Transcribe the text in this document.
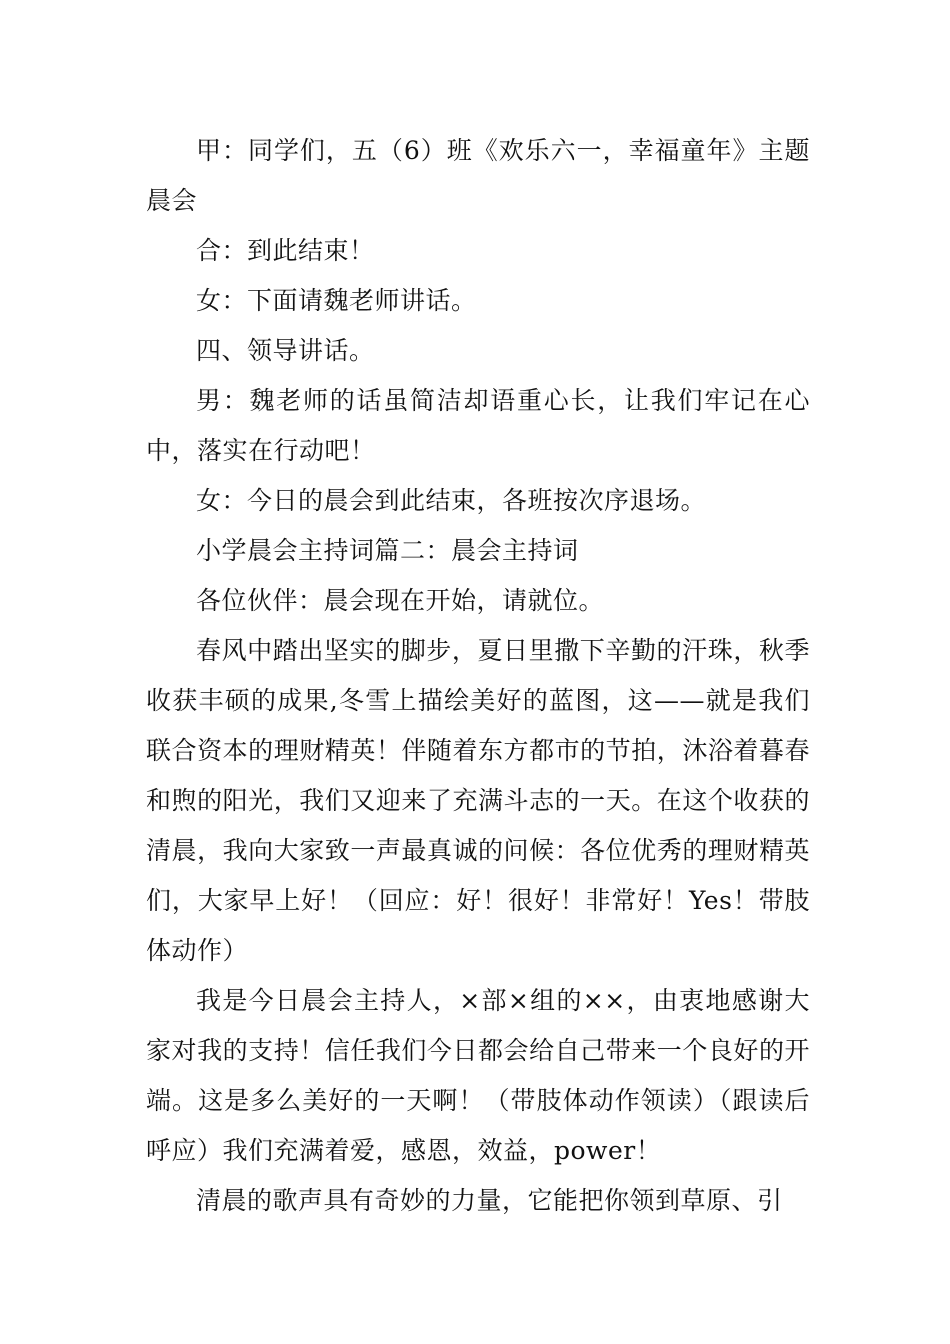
甲：同学们，五（6）班《欢乐六一，幸福童年》主题晨会

合：到此结束！

女：下面请魏老师讲话。

四、领导讲话。

男：魏老师的话虽简洁却语重心长，让我们牢记在心中，落实在行动吧！

女：今日的晨会到此结束，各班按次序退场。

小学晨会主持词篇二：晨会主持词

各位伙伴：晨会现在开始，请就位。

春风中踏出坚实的脚步，夏日里撒下辛勤的汗珠，秋季收获丰硕的成果,冬雪上描绘美好的蓝图，这——就是我们联合资本的理财精英！伴随着东方都市的节拍，沐浴着暮春和煦的阳光，我们又迎来了充满斗志的一天。在这个收获的清晨，我向大家致一声最真诚的问候：各位优秀的理财精英们，大家早上好！（回应：好！很好！非常好！Yes！带肢体动作）

我是今日晨会主持人，×部×组的××，由衷地感谢大家对我的支持！信任我们今日都会给自己带来一个良好的开端。这是多么美好的一天啊！（带肢体动作领读）（跟读后呼应）我们充满着爱，感恩，效益，power！

清晨的歌声具有奇妙的力量，它能把你领到草原、引
